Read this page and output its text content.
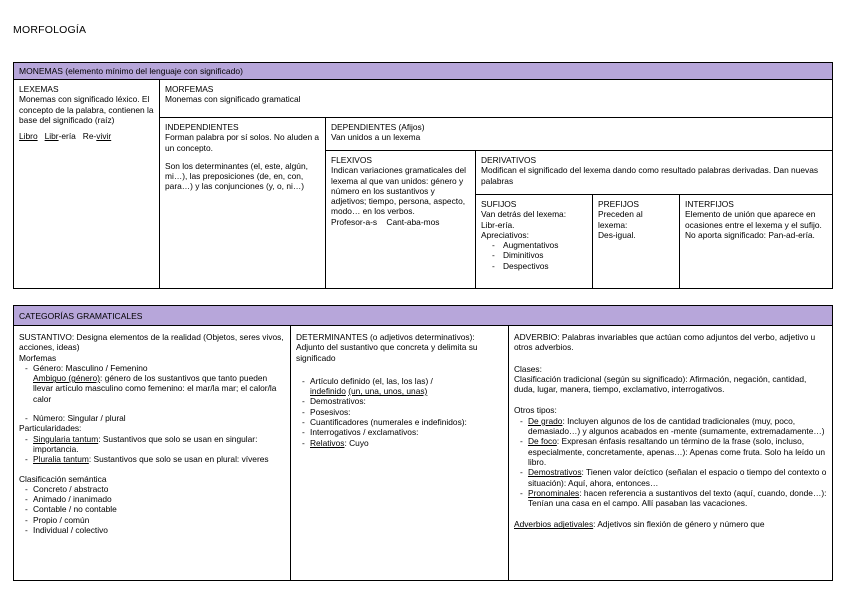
MORFOLOGÍA
MONEMAS (elemento mínimo del lenguaje con significado)

LEXEMAS

Monemas con significado léxico. El concepto de la palabra, contienen la base del significado (raíz)

Libro Libr-ería Re-vivir

MORFEMAS

Monemas con significado gramatical

INDEPENDIENTES

Forman palabra por sí solos. No aluden a un concepto.

Son los determinantes (el, este, algún, mi…), las preposiciones (de, en, con, para…) y las conjunciones (y, o, ni…)

DEPENDIENTES (Afijos)

Van unidos a un lexema

FLEXIVOS

Indican variaciones gramaticales del lexema al que van unidos: género y número en los sustantivos y adjetivos; tiempo, persona, aspecto, modo… en los verbos.

Profesor-a-s Cant-aba-mos

DERIVATIVOS

Modifican el significado del lexema dando como resultado palabras derivadas. Dan nuevas palabras

SUFIJOS

Van detrás del lexema:

Libr-ería.

Apreciativos:

- Augmentativos
- Diminitivos
- Despectivos

PREFIJOS

Preceden al lexema:

Des-igual.

INTERFIJOS

Elemento de unión que aparece en ocasiones entre el lexema y el sufijo. No aporta significado: Pan-ad-ería.

CATEGORÍAS GRAMATICALES

SUSTANTIVO: Designa elementos de la realidad (Objetos, seres vivos, acciones, ideas)

Morfemas

- Género: Masculino / Femenino
Ambiguo (género): género de los sustantivos que tanto pueden llevar artículo masculino como femenino: el mar/la mar; el calor/la calor
- Número: Singular / plural

Particularidades:

- Singularia tantum: Sustantivos que solo se usan en singular: importancia.
- Pluralia tantum: Sustantivos que solo se usan en plural: víveres

Clasificación semántica

- Concreto / abstracto
- Animado / inanimado
- Contable / no contable
- Propio / común
- Individual / colectivo

DETERMINANTES (o adjetivos determinativos): Adjunto del sustantivo que concreta y delimita su significado

- Artículo definido (el, las, los las) /
indefinido (un, una, unos, unas)
- Demostrativos:
- Posesivos:
- Cuantificadores (numerales e indefinidos):
- Interrogativos / exclamativos:
- Relativos: Cuyo

ADVERBIO: Palabras invariables que actúan como adjuntos del verbo, adjetivo u otros adverbios.

Clases:

Clasificación tradicional (según su significado): Afirmación, negación, cantidad, duda, lugar, manera, tiempo, exclamativo, interrogativos.

Otros tipos:

- De grado: Incluyen algunos de los de cantidad tradicionales (muy, poco, demasiado…) y algunos acabados en -mente (sumamente, extremadamente…)
- De foco: Expresan énfasis resaltando un término de la frase (solo, incluso, especialmente, concretamente, apenas…): Apenas come fruta. Solo ha leído un libro.
- Demostrativos: Tienen valor deíctico (señalan el espacio o tiempo del contexto o situación): Aquí, ahora, entonces…
- Pronominales: hacen referencia a sustantivos del texto (aquí, cuando, donde…): Tenían una casa en el campo. Allí pasaban las vacaciones.

Adverbios adjetivales: Adjetivos sin flexión de género y número que
